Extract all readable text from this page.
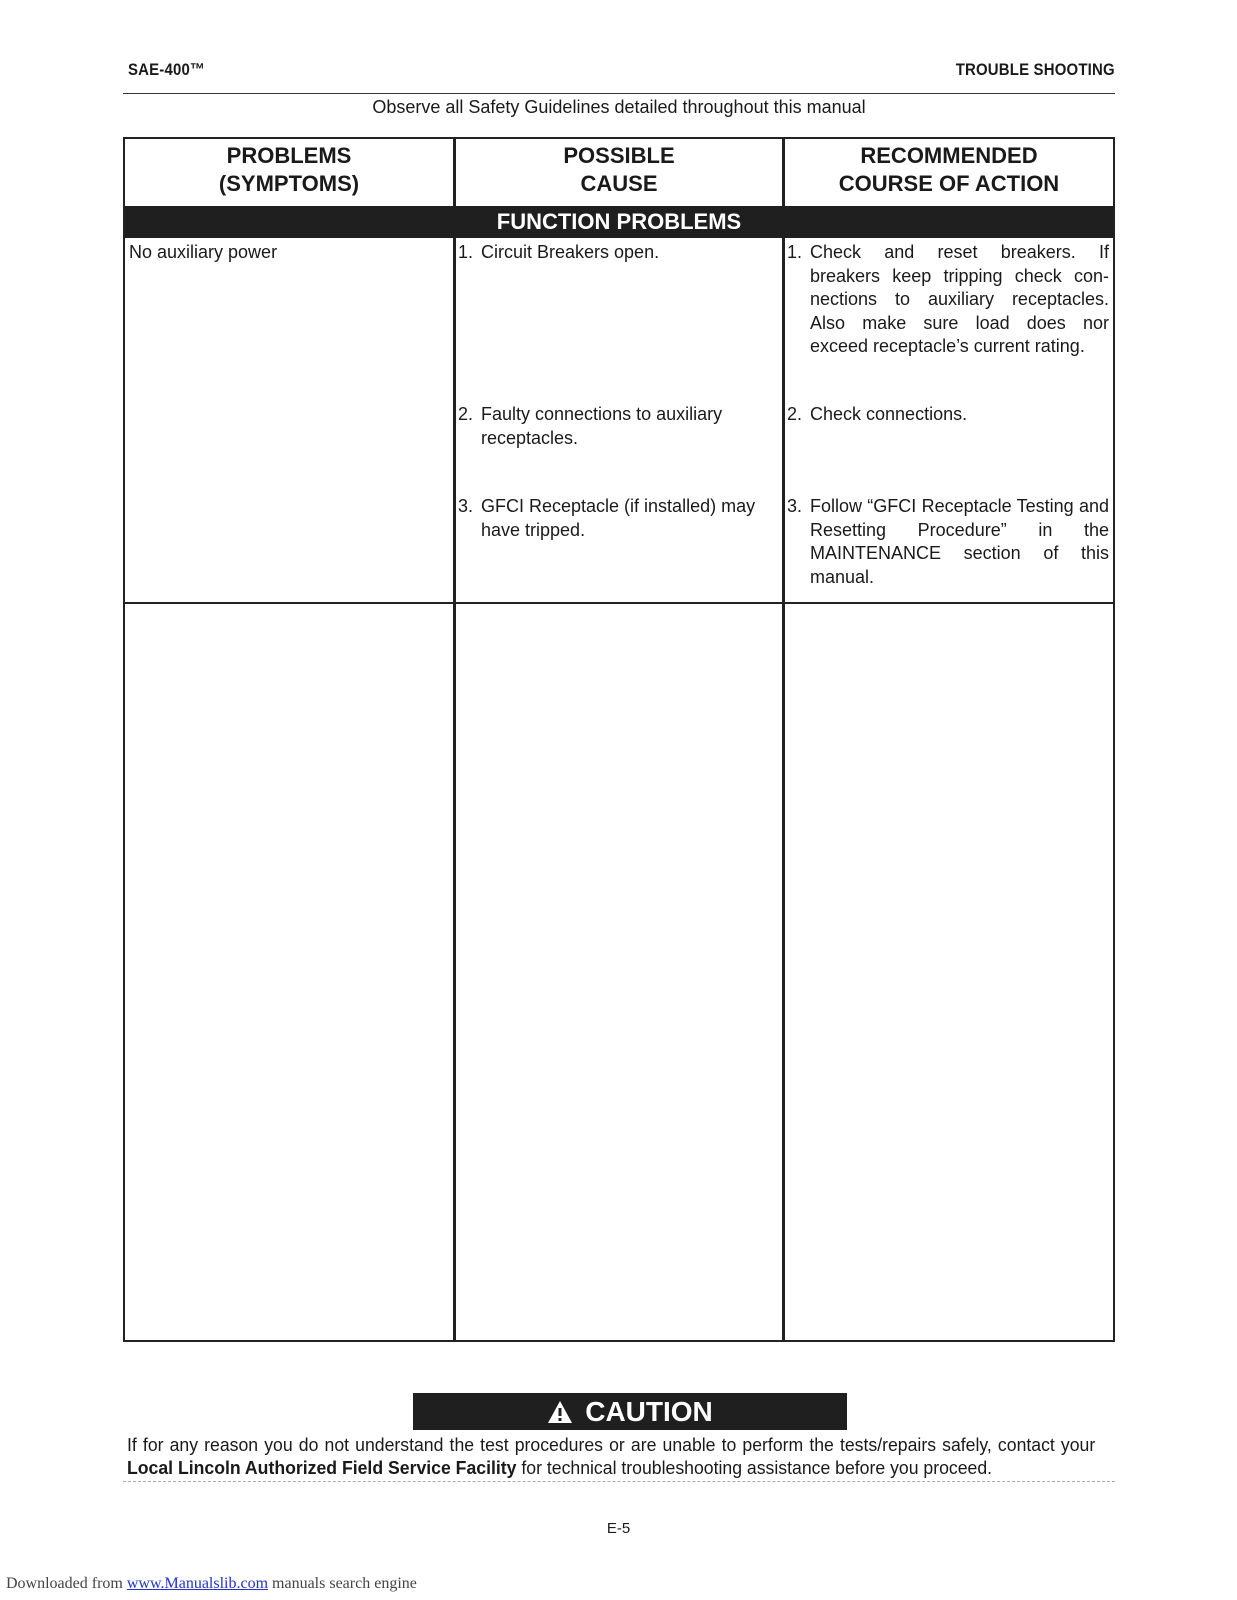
SAE-400™	TROUBLE SHOOTING
Observe all Safety Guidelines detailed throughout this manual
PROBLEMS
(SYMPTOMS)
POSSIBLE
CAUSE
RECOMMENDED
COURSE OF ACTION
FUNCTION PROBLEMS
No auxiliary power	1. Circuit Breakers open.
2. Faulty connections to auxiliary receptacles.
3. GFCI Receptacle (if installed) may have tripped.
1. Check and reset breakers. If breakers keep tripping check con-nections to auxiliary receptacles. Also make sure load does nor exceed receptacle’s current rating.
2. Check connections.
3. Follow “GFCI Receptacle Testing and Resetting Procedure” in the MAINTENANCE section of this manual.
CAUTION
If for any reason you do not understand the test procedures or are unable to perform the tests/repairs safely, contact your Local Lincoln Authorized Field Service Facility for technical troubleshooting assistance before you proceed.
E-5
Downloaded from www.Manualslib.com manuals search engine
